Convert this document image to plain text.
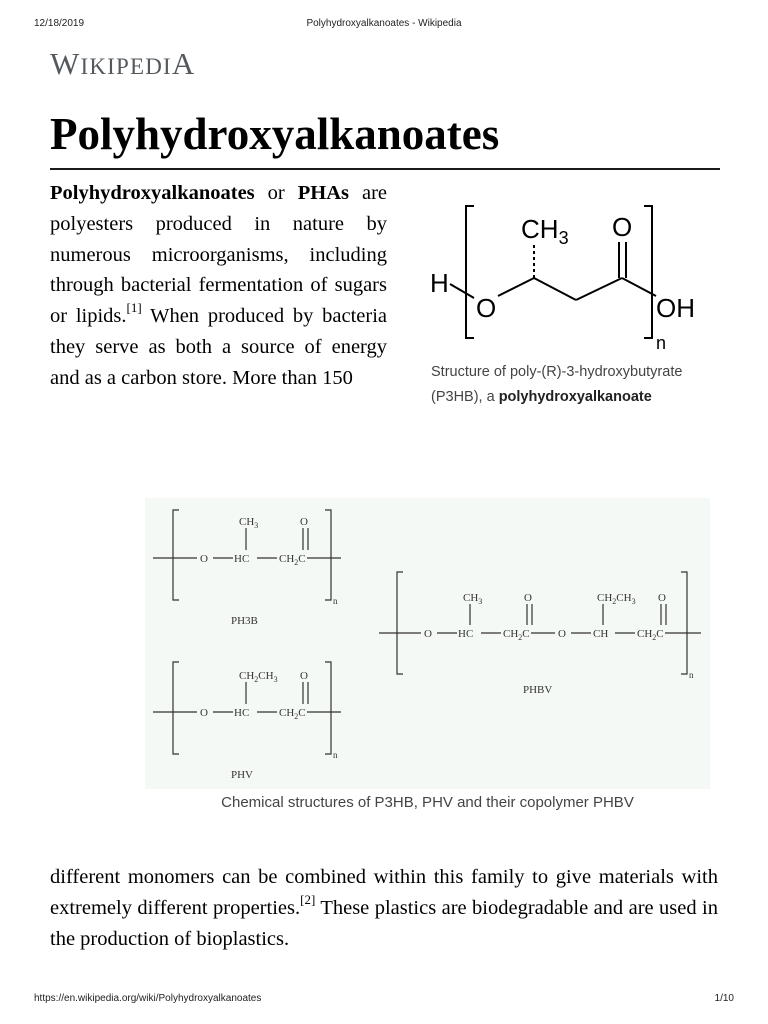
12/18/2019	Polyhydroxyalkanoates - Wikipedia
WIKIPEDIA
Polyhydroxyalkanoates

Polyhydroxyalkanoates or PHAs are polyesters produced in nature by numerous microorganisms, including through bacterial fermentation of sugars or lipids.[1] When produced by bacteria they serve as both a source of energy and as a carbon store. More than 150

H
O
$CH_3$ O
OH
n
Structure of poly-(R)-3-hydroxybutyrate (P3HB), a polyhydroxyalkanoate
$CH_3$	O
O HC	$CH_2C$
n
PH3B
$CH_2CH_3$ O
O HC	$CH_2C$
n
PHV
$CH_3$	O	$CH_2CH_3$ O
O HC	$CH_2C$	O CH	$CH_2C$
n
PHBV
Chemical structures of P3HB, PHV and their copolymer PHBV

different monomers can be combined within this family to give materials with extremely different properties.[2] These plastics are biodegradable and are used in the production of bioplastics.

https://en.wikipedia.org/wiki/Polyhydroxyalkanoates	1/10
